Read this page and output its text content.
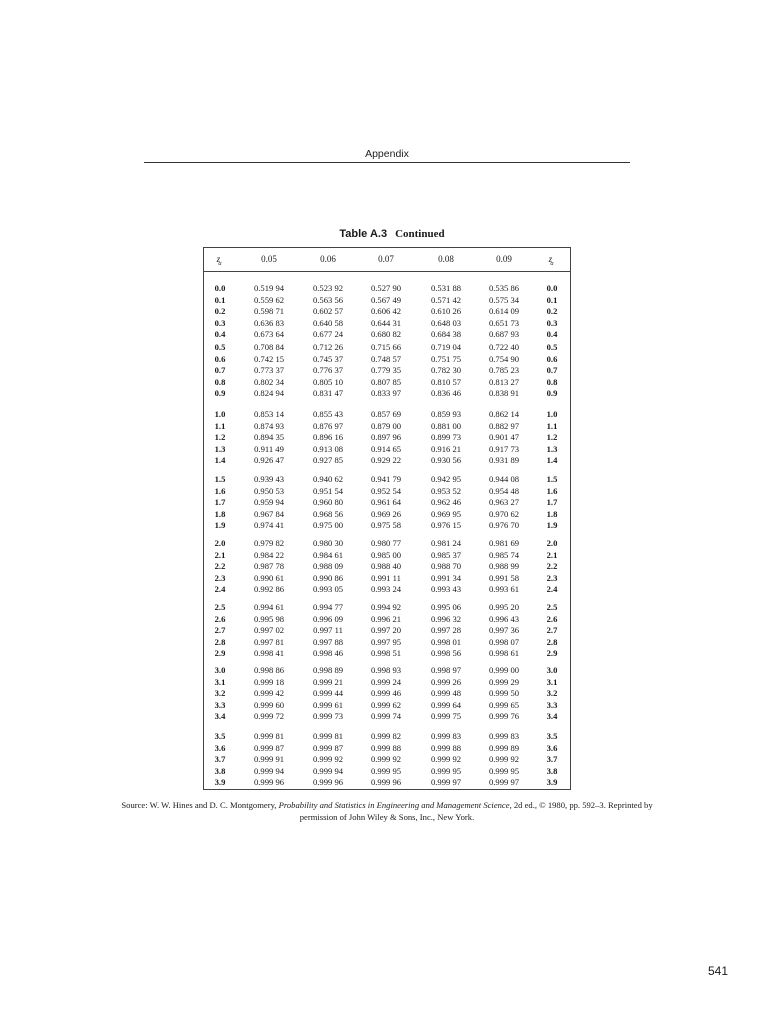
Appendix
Table A.3 Continued
z
$_\alpha$	0.05	0.06	0.07	0.08	0.09	z
$_\alpha$
0.0	0.519 94	0.523 92	0.527 90	0.531 88	0.535 86	0.0
0.1	0.559 62	0.563 56	0.567 49	0.571 42	0.575 34	0.1
0.2	0.598 71	0.602 57	0.606 42	0.610 26	0.614 09	0.2
0.3	0.636 83	0.640 58	0.644 31	0.648 03	0.651 73	0.3
0.4	0.673 64	0.677 24	0.680 82	0.684 38	0.687 93	0.4
0.5	0.708 84	0.712 26	0.715 66	0.719 04	0.722 40	0.5
0.6	0.742 15	0.745 37	0.748 57	0.751 75	0.754 90	0.6
0.7	0.773 37	0.776 37	0.779 35	0.782 30	0.785 23	0.7
0.8	0.802 34	0.805 10	0.807 85	0.810 57	0.813 27	0.8
0.9	0.824 94	0.831 47	0.833 97	0.836 46	0.838 91	0.9
1.0	0.853 14	0.855 43	0.857 69	0.859 93	0.862 14	1.0
1.1	0.874 93	0.876 97	0.879 00	0.881 00	0.882 97	1.1
1.2	0.894 35	0.896 16	0.897 96	0.899 73	0.901 47	1.2
1.3	0.911 49	0.913 08	0.914 65	0.916 21	0.917 73	1.3
1.4	0.926 47	0.927 85	0.929 22	0.930 56	0.931 89	1.4
1.5	0.939 43	0.940 62	0.941 79	0.942 95	0.944 08	1.5
1.6	0.950 53	0.951 54	0.952 54	0.953 52	0.954 48	1.6
1.7	0.959 94	0.960 80	0.961 64	0.962 46	0.963 27	1.7
1.8	0.967 84	0.968 56	0.969 26	0.969 95	0.970 62	1.8
1.9	0.974 41	0.975 00	0.975 58	0.976 15	0.976 70	1.9
2.0	0.979 82	0.980 30	0.980 77	0.981 24	0.981 69	2.0
2.1	0.984 22	0.984 61	0.985 00	0.985 37	0.985 74	2.1
2.2	0.987 78	0.988 09	0.988 40	0.988 70	0.988 99	2.2
2.3	0.990 61	0.990 86	0.991 11	0.991 34	0.991 58	2.3
2.4	0.992 86	0.993 05	0.993 24	0.993 43	0.993 61	2.4
2.5	0.994 61	0.994 77	0.994 92	0.995 06	0.995 20	2.5
2.6	0.995 98	0.996 09	0.996 21	0.996 32	0.996 43	2.6
2.7	0.997 02	0.997 11	0.997 20	0.997 28	0.997 36	2.7
2.8	0.997 81	0.997 88	0.997 95	0.998 01	0.998 07	2.8
2.9	0.998 41	0.998 46	0.998 51	0.998 56	0.998 61	2.9
3.0	0.998 86	0.998 89	0.998 93	0.998 97	0.999 00	3.0
3.1	0.999 18	0.999 21	0.999 24	0.999 26	0.999 29	3.1
3.2	0.999 42	0.999 44	0.999 46	0.999 48	0.999 50	3.2
3.3	0.999 60	0.999 61	0.999 62	0.999 64	0.999 65	3.3
3.4	0.999 72	0.999 73	0.999 74	0.999 75	0.999 76	3.4
3.5	0.999 81	0.999 81	0.999 82	0.999 83	0.999 83	3.5
3.6	0.999 87	0.999 87	0.999 88	0.999 88	0.999 89	3.6
3.7	0.999 91	0.999 92	0.999 92	0.999 92	0.999 92	3.7
3.8	0.999 94	0.999 94	0.999 95	0.999 95	0.999 95	3.8
3.9	0.999 96	0.999 96	0.999 96	0.999 97	0.999 97	3.9
Source: W. W. Hines and D. C. Montgomery, Probability and Statistics in Engineering and Management Science, 2d ed., © 1980, pp. 592–3. Reprinted by permission of John Wiley & Sons, Inc., New York.
541
